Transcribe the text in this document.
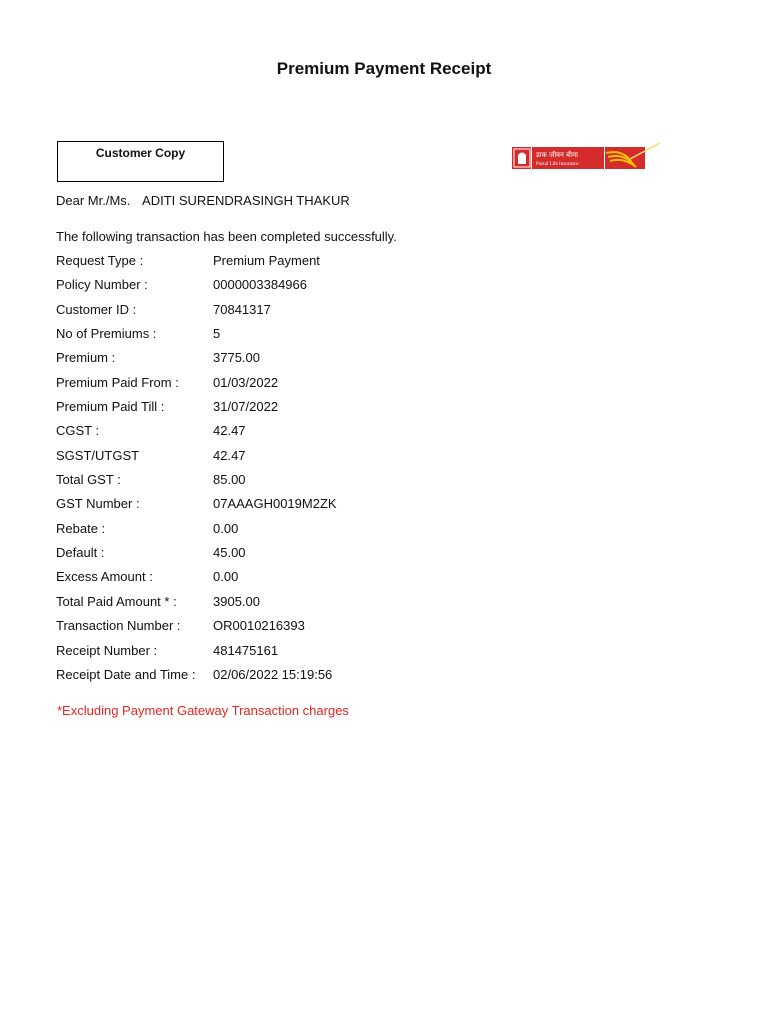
Premium Payment Receipt
Customer Copy	डाक जीवन बीमा
Postal Life Insurance
Dear Mr./Ms. ADITI SURENDRASINGH THAKUR
The following transaction has been completed successfully.
Request Type :	Premium Payment
Policy Number :	0000003384966
Customer ID :	70841317
No of Premiums :	5
Premium :	3775.00
Premium Paid From :	01/03/2022
Premium Paid Till :	31/07/2022
CGST :	42.47
SGST/UTGST	42.47
Total GST :	85.00
GST Number :	07AAAGH0019M2ZK
Rebate :	0.00
Default :	45.00
Excess Amount :	0.00
Total Paid Amount * :	3905.00
Transaction Number : OR0010216393
Receipt Number :	481475161
Receipt Date and Time : 02/06/2022 15:19:56
*Excluding Payment Gateway Transaction charges
